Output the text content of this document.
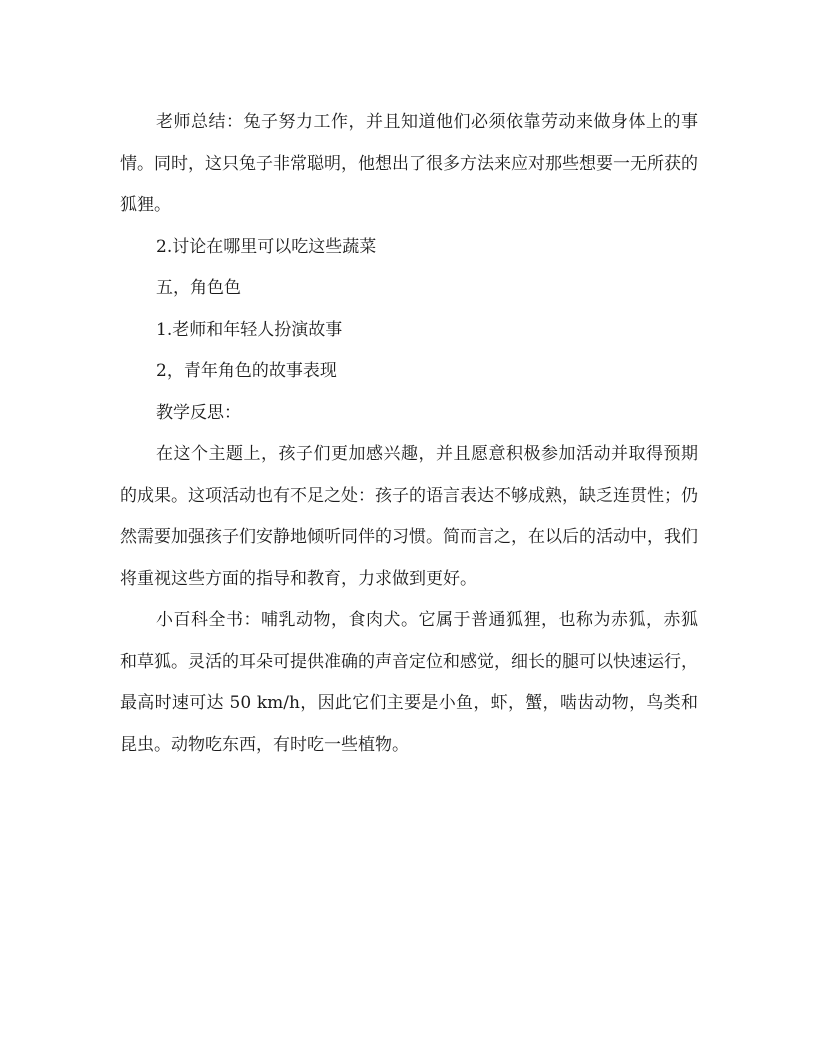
老师总结：兔子努力工作，并且知道他们必须依靠劳动来做身体上的事情。同时，这只兔子非常聪明，他想出了很多方法来应对那些想要一无所获的狐狸。

2.讨论在哪里可以吃这些蔬菜

五，角色色

1.老师和年轻人扮演故事

2，青年角色的故事表现

教学反思：

在这个主题上，孩子们更加感兴趣，并且愿意积极参加活动并取得预期的成果。这项活动也有不足之处：孩子的语言表达不够成熟，缺乏连贯性；仍然需要加强孩子们安静地倾听同伴的习惯。简而言之，在以后的活动中，我们将重视这些方面的指导和教育，力求做到更好。

小百科全书：哺乳动物，食肉犬。它属于普通狐狸，也称为赤狐，赤狐和草狐。灵活的耳朵可提供准确的声音定位和感觉，细长的腿可以快速运行，最高时速可达 50 km/h，因此它们主要是小鱼，虾，蟹，啮齿动物，鸟类和昆虫。动物吃东西，有时吃一些植物。
